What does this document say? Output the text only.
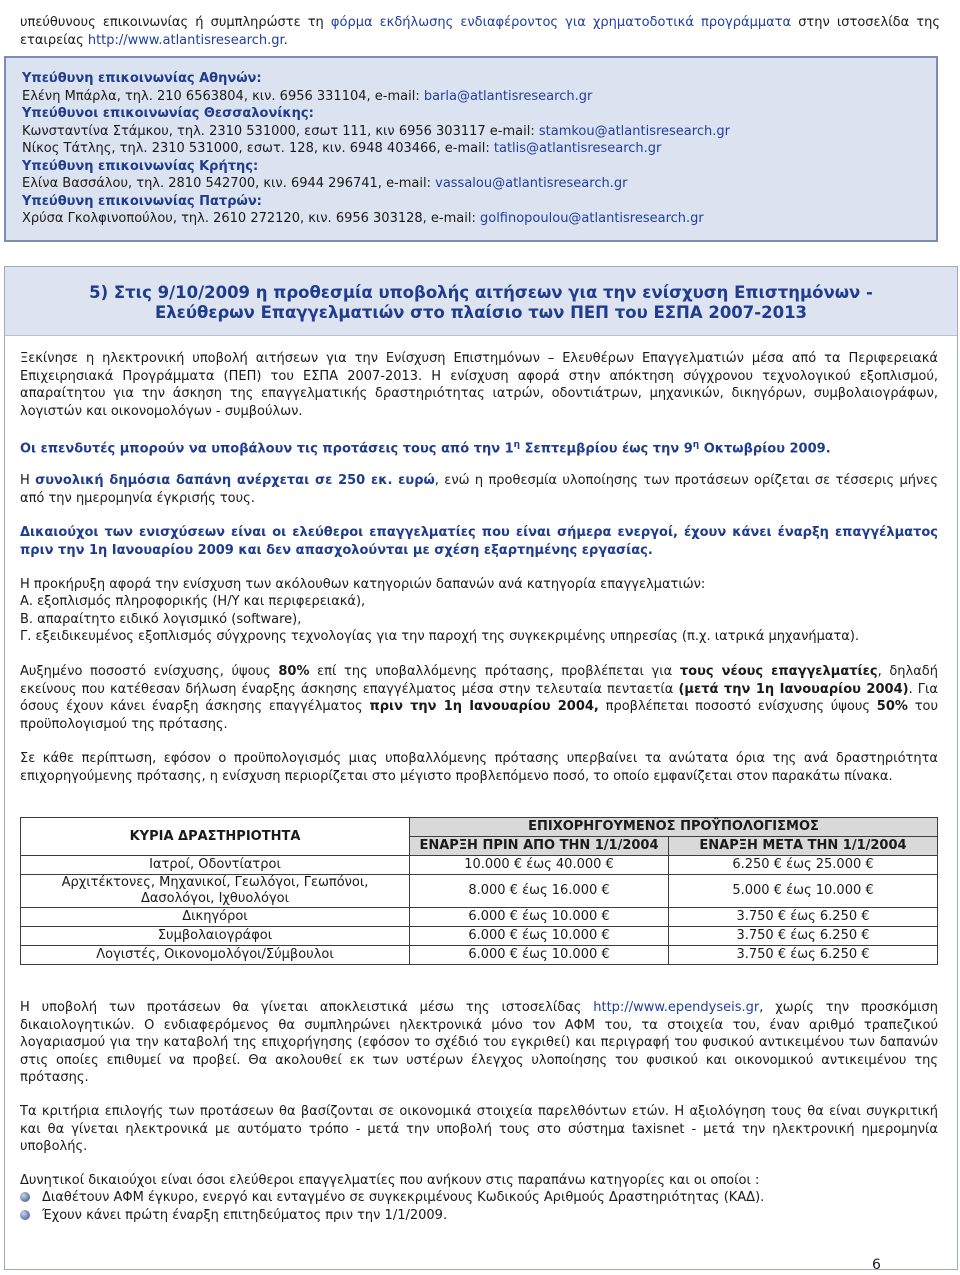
υπεύθυνους επικοινωνίας ή συμπληρώστε τη φόρμα εκδήλωσης ενδιαφέροντος για χρηματοδοτικά προγράμματα στην ιστοσελίδα της εταιρείας http://www.atlantisresearch.gr.

Υπεύθυνη επικοινωνίας Αθηνών:

Ελένη Μπάρλα, τηλ. 210 6563804, κιν. 6956 331104, e-mail: barla@atlantisresearch.gr

Υπεύθυνοι επικοινωνίας Θεσσαλονίκης:

Κωνσταντίνα Στάμκου, τηλ. 2310 531000, εσωτ 111, κιν 6956 303117 e-mail: stamkou@atlantisresearch.gr

Νίκος Τάτλης, τηλ. 2310 531000, εσωτ. 128, κιν. 6948 403466, e-mail: tatlis@atlantisresearch.gr

Υπεύθυνη επικοινωνίας Κρήτης:

Ελίνα Βασσάλου, τηλ. 2810 542700, κιν. 6944 296741, e-mail: vassalou@atlantisresearch.gr

Υπεύθυνη επικοινωνίας Πατρών:

Χρύσα Γκολφινοπούλου, τηλ. 2610 272120, κιν. 6956 303128, e-mail: golfinopoulou@atlantisresearch.gr

5) Στις 9/10/2009 η προθεσμία υποβολής αιτήσεων για την ενίσχυση Επιστημόνων -
Ελεύθερων Επαγγελματιών στο πλαίσιο των ΠΕΠ του ΕΣΠΑ 2007-2013

Ξεκίνησε η ηλεκτρονική υποβολή αιτήσεων για την Ενίσχυση Επιστημόνων – Ελευθέρων Επαγγελματιών μέσα από τα Περιφερειακά Επιχειρησιακά Προγράμματα (ΠΕΠ) του ΕΣΠΑ 2007-2013. Η ενίσχυση αφορά στην απόκτηση σύγχρονου τεχνολογικού εξοπλισμού, απαραίτητου για την άσκηση της επαγγελματικής δραστηριότητας ιατρών, οδοντιάτρων, μηχανικών, δικηγόρων, συμβολαιογράφων, λογιστών και οικονομολόγων - συμβούλων.

Οι επενδυτές μπορούν να υποβάλουν τις προτάσεις τους από την $1^\eta$ Σεπτεμβρίου έως την $9^\eta$ Οκτωβρίου 2009.

Η συνολική δημόσια δαπάνη ανέρχεται σε 250 εκ. ευρώ, ενώ η προθεσμία υλοποίησης των προτάσεων ορίζεται σε τέσσερις μήνες από την ημερομηνία έγκρισής τους.

Δικαιούχοι των ενισχύσεων είναι οι ελεύθεροι επαγγελματίες που είναι σήμερα ενεργοί, έχουν κάνει έναρξη επαγγέλματος πριν την 1η Ιανουαρίου 2009 και δεν απασχολούνται με σχέση εξαρτημένης εργασίας.

Η προκήρυξη αφορά την ενίσχυση των ακόλουθων κατηγοριών δαπανών ανά κατηγορία επαγγελματιών:

Α. εξοπλισμός πληροφορικής (Η/Υ και περιφερειακά),

Β. απαραίτητο ειδικό λογισμικό (software),

Γ. εξειδικευμένος εξοπλισμός σύγχρονης τεχνολογίας για την παροχή της συγκεκριμένης υπηρεσίας (π.χ. ιατρικά μηχανήματα).

Αυξημένο ποσοστό ενίσχυσης, ύψους 80% επί της υποβαλλόμενης πρότασης, προβλέπεται για τους νέους επαγγελματίες, δηλαδή εκείνους που κατέθεσαν δήλωση έναρξης άσκησης επαγγέλματος μέσα στην τελευταία πενταετία (μετά την 1η Ιανουαρίου 2004). Για όσους έχουν κάνει έναρξη άσκησης επαγγέλματος πριν την 1η Ιανουαρίου 2004, προβλέπεται ποσοστό ενίσχυσης ύψους 50% του προϋπολογισμού της πρότασης.

Σε κάθε περίπτωση, εφόσον ο προϋπολογισμός μιας υποβαλλόμενης πρότασης υπερβαίνει τα ανώτατα όρια της ανά δραστηριότητα επιχορηγούμενης πρότασης, η ενίσχυση περιορίζεται στο μέγιστο προβλεπόμενο ποσό, το οποίο εμφανίζεται στον παρακάτω πίνακα.

ΚΥΡΙΑ ΔΡΑΣΤΗΡΙΟΤΗΤΑ	ΕΠΙΧΟΡΗΓΟΥΜΕΝΟΣ ΠΡΟΫΠΟΛΟΓΙΣΜΟΣ	
	ΕΝΑΡΞΗ ΠΡΙΝ ΑΠΟ ΤΗΝ 1/1/2004	ΕΝΑΡΞΗ ΜΕΤΑ ΤΗΝ 1/1/2004
Ιατροί, Οδοντίατροι	10.000 € έως 40.000 €	6.250 € έως 25.000 €
Αρχιτέκτονες, Μηχανικοί, Γεωλόγοι, Γεωπόνοι, Δασολόγοι, Ιχθυολόγοι	8.000 € έως 16.000 €	5.000 € έως 10.000 €
Δικηγόροι	6.000 € έως 10.000 €	3.750 € έως 6.250 €
Συμβολαιογράφοι	6.000 € έως 10.000 €	3.750 € έως 6.250 €
Λογιστές, Οικονομολόγοι/Σύμβουλοι	6.000 € έως 10.000 €	3.750 € έως 6.250 €

Η υποβολή των προτάσεων θα γίνεται αποκλειστικά μέσω της ιστοσελίδας http://www.ependyseis.gr, χωρίς την προσκόμιση δικαιολογητικών. Ο ενδιαφερόμενος θα συμπληρώνει ηλεκτρονικά μόνο τον ΑΦΜ του, τα στοιχεία του, έναν αριθμό τραπεζικού λογαριασμού για την καταβολή της επιχορήγησης (εφόσον το σχέδιό του εγκριθεί) και περιγραφή του φυσικού αντικειμένου των δαπανών στις οποίες επιθυμεί να προβεί. Θα ακολουθεί εκ των υστέρων έλεγχος υλοποίησης του φυσικού και οικονομικού αντικειμένου της πρότασης.

Τα κριτήρια επιλογής των προτάσεων θα βασίζονται σε οικονομικά στοιχεία παρελθόντων ετών. Η αξιολόγηση τους θα είναι συγκριτική και θα γίνεται ηλεκτρονικά με αυτόματο τρόπο - μετά την υποβολή τους στο σύστημα taxisnet - μετά την ηλεκτρονική ημερομηνία υποβολής.

Δυνητικοί δικαιούχοι είναι όσοι ελεύθεροι επαγγελματίες που ανήκουν στις παραπάνω κατηγορίες και οι οποίοι :

Διαθέτουν ΑΦΜ έγκυρο, ενεργό και ενταγμένο σε συγκεκριμένους Κωδικούς Αριθμούς Δραστηριότητας (ΚΑΔ).

Έχουν κάνει πρώτη έναρξη επιτηδεύματος πριν την 1/1/2009.

6
